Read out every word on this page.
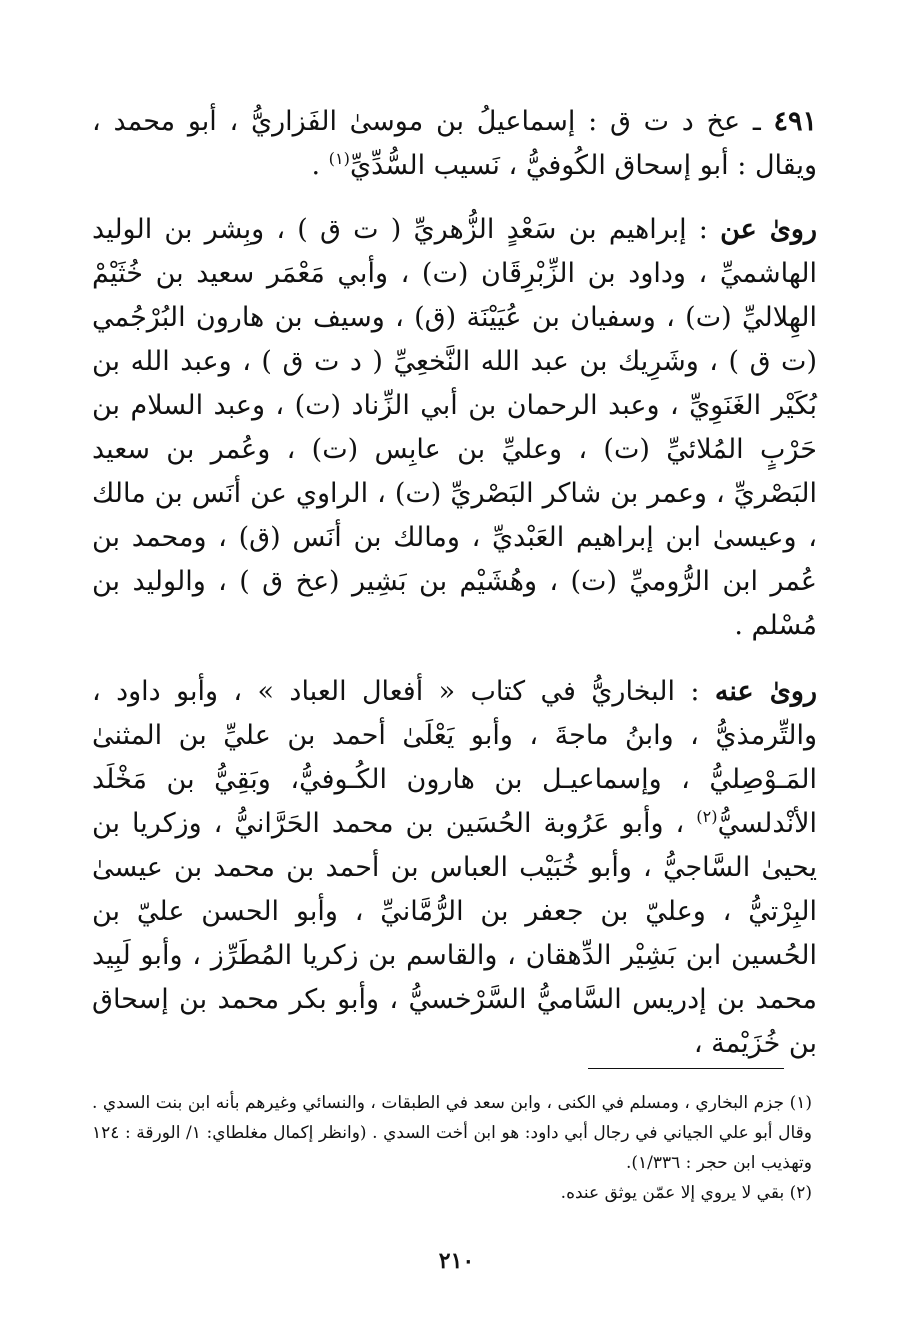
٤٩١ ـ عخ د ت ق : إسماعيلُ بن موسىٰ الفَزاريُّ ، أبو محمد ، ويقال : أبو إسحاق الكُوفيُّ ، نَسيب السُّدِّيِّ$^{(١)}$ .

روىٰ عن : إبراهيم بن سَعْدٍ الزُّهريِّ ( ت ق ) ، وبِشر بن الوليد الهاشميِّ ، وداود بن الزِّبْرِقَان (ت) ، وأبي مَعْمَر سعيد بن خُثَيْمْ الهِلاليِّ (ت) ، وسفيان بن عُيَيْنَة (ق) ، وسيف بن هارون البُرْجُمي (ت ق ) ، وشَرِيك بن عبد الله النَّخعِيِّ ( د ت ق ) ، وعبد الله بن بُكَيْر الغَنَوِيِّ ، وعبد الرحمان بن أبي الزِّناد (ت) ، وعبد السلام بن حَرْبٍ المُلائيِّ (ت) ، وعليِّ بن عابِس (ت) ، وعُمر بن سعيد البَصْريِّ ، وعمر بن شاكر البَصْريِّ (ت) ، الراوي عن أنَس بن مالك ، وعيسىٰ ابن إبراهيم العَبْديِّ ، ومالك بن أنَس (ق) ، ومحمد بن عُمر ابن الرُّوميِّ (ت) ، وهُشَيْم بن بَشِير (عخ ق ) ، والوليد بن مُسْلم .

روىٰ عنه : البخاريُّ في كتاب « أفعال العباد » ، وأبو داود ، والتِّرمذيُّ ، وابنُ ماجةَ ، وأبو يَعْلَىٰ أحمد بن عليِّ بن المثنىٰ المَـوْصِليُّ ، وإسماعيـل بن هارون الكُـوفيُّ، وبَقِيُّ بن مَخْلَد الأنْدلسيُّ$^{(٢)}$ ، وأبو عَرُوبة الحُسَين بن محمد الحَرَّانيُّ ، وزكريا بن يحيىٰ السَّاجيُّ ، وأبو خُبَيْب العباس بن أحمد بن محمد بن عيسىٰ البِرْتيُّ ، وعليّ بن جعفر بن الرُّمَّانيِّ ، وأبو الحسن عليّ بن الحُسين ابن بَشِيْر الدِّهقان ، والقاسم بن زكريا المُطَرِّز ، وأبو لَبِيد محمد بن إدريس السَّاميُّ السَّرْخسيُّ ، وأبو بكر محمد بن إسحاق بن خُزَيْمة ،

(١) جزم البخاري ، ومسلم في الكنى ، وابن سعد في الطبقات ، والنسائي وغيرهم بأنه ابن بنت السدي . وقال أبو علي الجياني في رجال أبي داود: هو ابن أخت السدي . (وانظر إكمال مغلطاي: ١/ الورقة : ١٢٤ وتهذيب ابن حجر : ١/٣٣٦).

(٢) بقي لا يروي إلا عمّن يوثق عنده.

٢١٠
